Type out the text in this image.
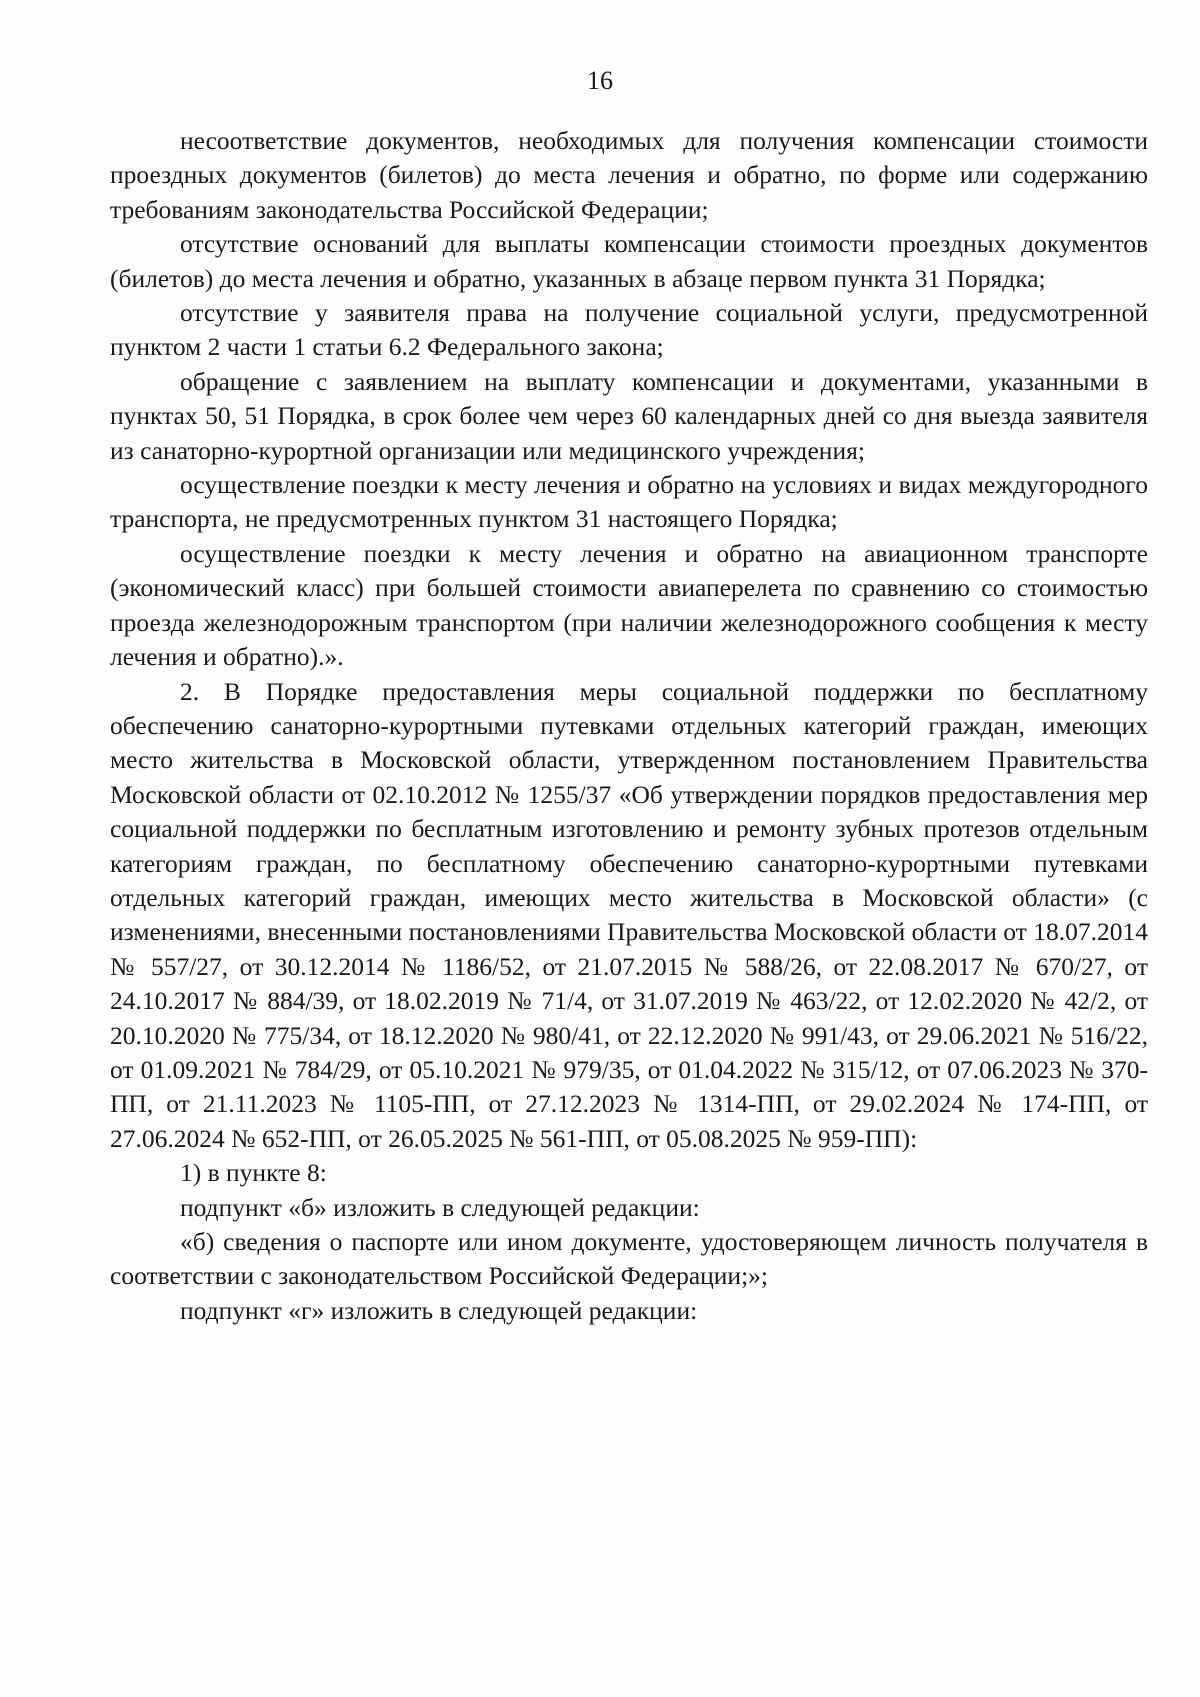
16

несоответствие документов, необходимых для получения компенсации стоимости проездных документов (билетов) до места лечения и обратно, по форме или содержанию требованиям законодательства Российской Федерации;

отсутствие оснований для выплаты компенсации стоимости проездных документов (билетов) до места лечения и обратно, указанных в абзаце первом пункта 31 Порядка;

отсутствие у заявителя права на получение социальной услуги, предусмотренной пунктом 2 части 1 статьи 6.2 Федерального закона;

обращение с заявлением на выплату компенсации и документами, указанными в пунктах 50, 51 Порядка, в срок более чем через 60 календарных дней со дня выезда заявителя из санаторно-курортной организации или медицинского учреждения;

осуществление поездки к месту лечения и обратно на условиях и видах междугородного транспорта, не предусмотренных пунктом 31 настоящего Порядка;

осуществление поездки к месту лечения и обратно на авиационном транспорте (экономический класс) при большей стоимости авиаперелета по сравнению со стоимостью проезда железнодорожным транспортом (при наличии железнодорожного сообщения к месту лечения и обратно).».

2. В Порядке предоставления меры социальной поддержки по бесплатному обеспечению санаторно-курортными путевками отдельных категорий граждан, имеющих место жительства в Московской области, утвержденном постановлением Правительства Московской области от 02.10.2012 № 1255/37 «Об утверждении порядков предоставления мер социальной поддержки по бесплатным изготовлению и ремонту зубных протезов отдельным категориям граждан, по бесплатному обеспечению санаторно-курортными путевками отдельных категорий граждан, имеющих место жительства в Московской области» (с изменениями, внесенными постановлениями Правительства Московской области от 18.07.2014 № 557/27, от 30.12.2014 № 1186/52, от 21.07.2015 № 588/26, от 22.08.2017 № 670/27, от 24.10.2017 № 884/39, от 18.02.2019 № 71/4, от 31.07.2019 № 463/22, от 12.02.2020 № 42/2, от 20.10.2020 № 775/34, от 18.12.2020 № 980/41, от 22.12.2020 № 991/43, от 29.06.2021 № 516/22, от 01.09.2021 № 784/29, от 05.10.2021 № 979/35, от 01.04.2022 № 315/12, от 07.06.2023 № 370-ПП, от 21.11.2023 № 1105-ПП, от 27.12.2023 № 1314-ПП, от 29.02.2024 № 174-ПП, от 27.06.2024 № 652-ПП, от 26.05.2025 № 561-ПП, от 05.08.2025 № 959-ПП):

1) в пункте 8:

подпункт «б» изложить в следующей редакции:

«б) сведения о паспорте или ином документе, удостоверяющем личность получателя в соответствии с законодательством Российской Федерации;»;

подпункт «г» изложить в следующей редакции:
